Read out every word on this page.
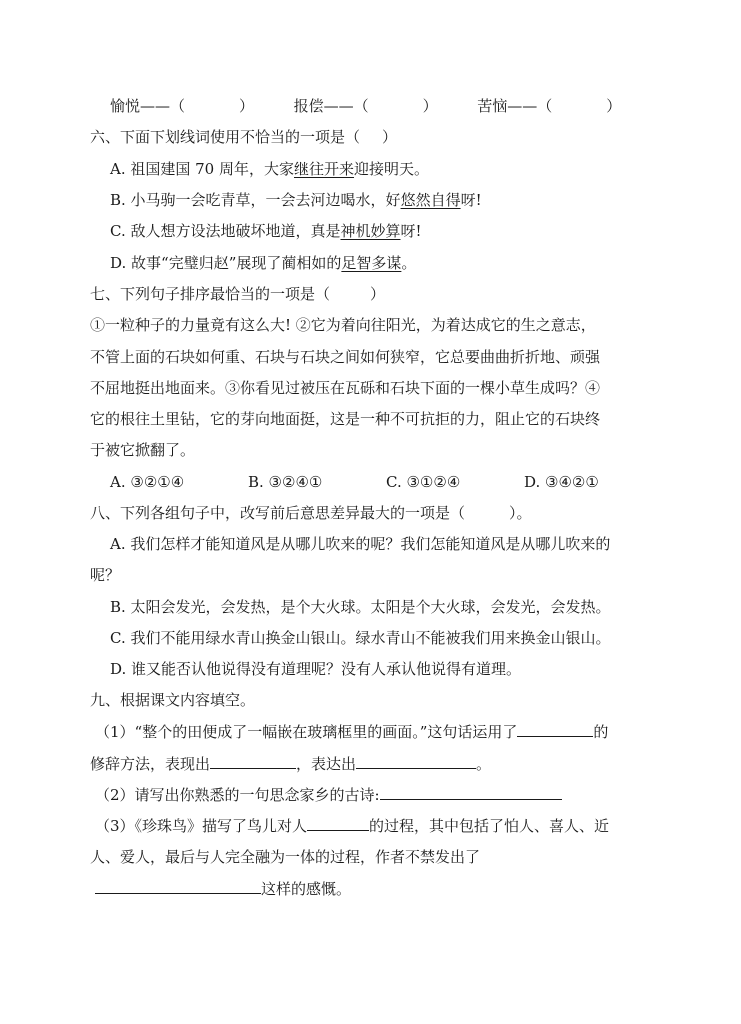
愉悦——（	）	报偿——（	）	苦恼——（	）
六、下面下划线词使用不恰当的一项是（ ）
A. 祖国建国 70 周年，大家继往开来迎接明天。
B. 小马驹一会吃青草，一会去河边喝水，好悠然自得呀!
C. 敌人想方设法地破坏地道，真是神机妙算呀!
D. 故事“完璧归赵”展现了蔺相如的足智多谋。
七、下列句子排序最恰当的一项是（	）
①一粒种子的力量竟有这么大! ②它为着向往阳光，为着达成它的生之意志，
不管上面的石块如何重、石块与石块之间如何狭窄，它总要曲曲折折地、顽强
不屈地挺出地面来。③你看见过被压在瓦砾和石块下面的一棵小草生成吗？④
它的根往土里钻，它的芽向地面挺，这是一种不可抗拒的力，阻止它的石块终
于被它掀翻了。
A. ③②①④	B. ③②④①	C. ③①②④	D. ③④②①
八、下列各组句子中，改写前后意思差异最大的一项是（	）。
A. 我们怎样才能知道风是从哪儿吹来的呢？我们怎能知道风是从哪儿吹来的
呢？
B. 太阳会发光，会发热，是个大火球。太阳是个大火球，会发光，会发热。
C. 我们不能用绿水青山换金山银山。绿水青山不能被我们用来换金山银山。
D. 谁又能否认他说得没有道理呢？没有人承认他说得有道理。
九、根据课文内容填空。
（1）“整个的田便成了一幅嵌在玻璃框里的画面。”这句话运用了	的
修辞方法，表现出	，表达出	。
（2）请写出你熟悉的一句思念家乡的古诗:
（3）《珍珠鸟》描写了鸟儿对人	的过程，其中包括了怕人、喜人、近
人、爱人，最后与人完全融为一体的过程，作者不禁发出了
这样的感慨。
